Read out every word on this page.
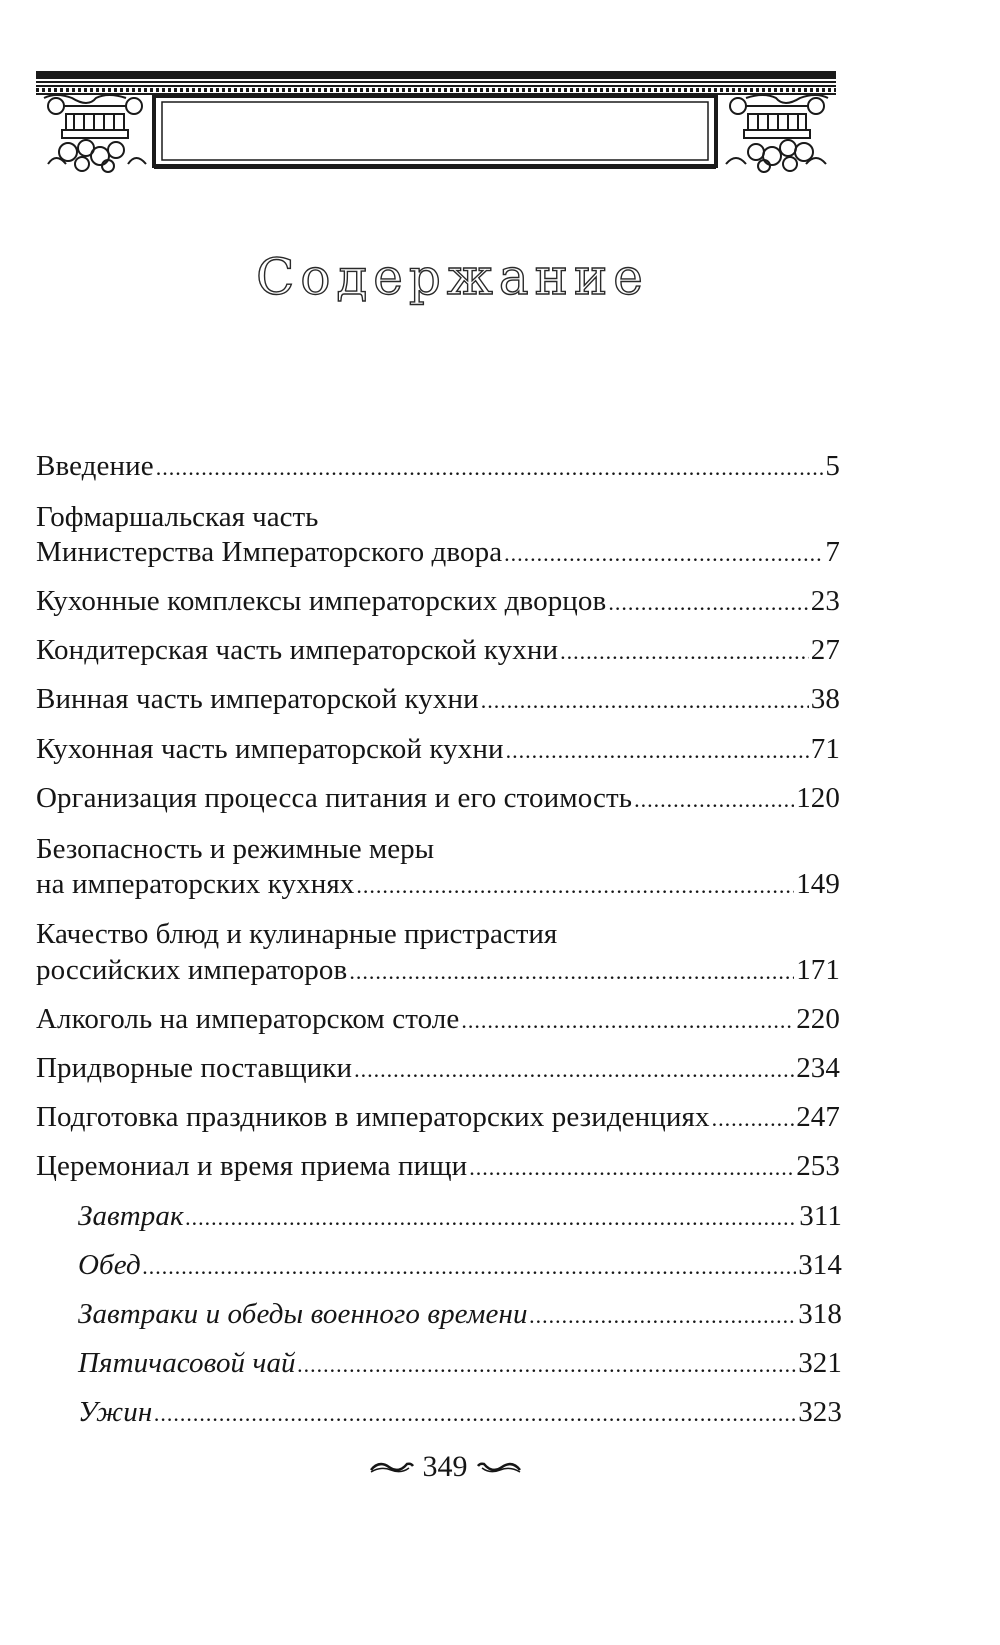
Содержание
Введение .....	5
Гофмаршальская часть
Министерства Императорского двора .....	7
Кухонные комплексы императорских дворцов .....	23
Кондитерская часть императорской кухни .....	27
Винная часть императорской кухни .....	38
Кухонная часть императорской кухни .....	71
Организация процесса питания и его стоимость .....	120
Безопасность и режимные меры
на императорских кухнях .....	149
Качество блюд и кулинарные пристрастия
российских императоров .....	171
Алкоголь на императорском столе .....	220
Придворные поставщики .....	234
Подготовка праздников в императорских резиденциях .....	247
Церемониал и время приема пищи .....	253
Завтрак .....	311
Обед .....	314
Завтраки и обеды военного времени .....	318
Пятичасовой чай .....	321
Ужин .....	323
349
